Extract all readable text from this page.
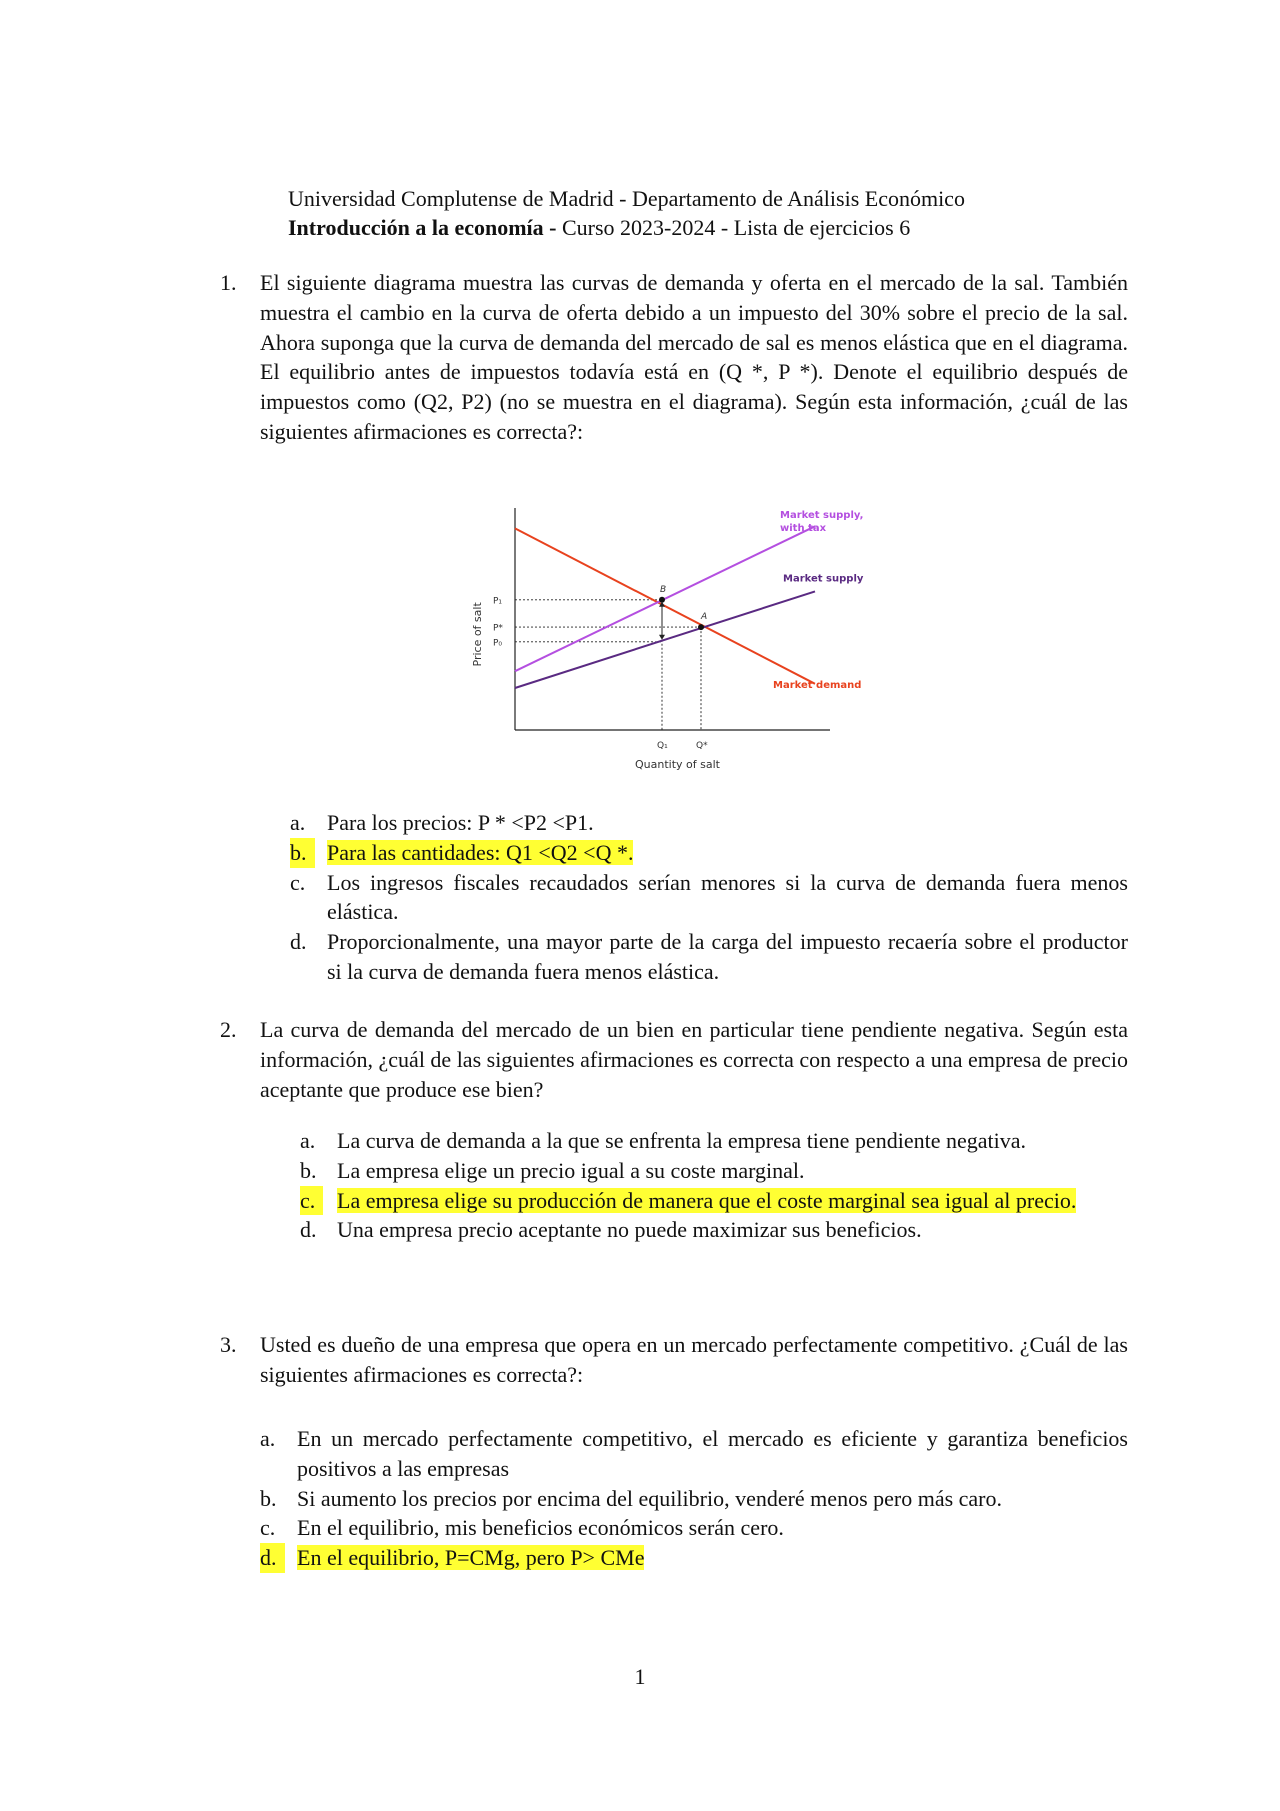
Universidad Complutense de Madrid - Departamento de Análisis Económico
Introducción a la economía - Curso 2023-2024 - Lista de ejercicios 6
1. El siguiente diagrama muestra las curvas de demanda y oferta en el mercado de la sal. También muestra el cambio en la curva de oferta debido a un impuesto del 30% sobre el precio de la sal. Ahora suponga que la curva de demanda del mercado de sal es menos elástica que en el diagrama. El equilibrio antes de impuestos todavía está en (Q *, P *). Denote el equilibrio después de impuestos como (Q2, P2) (no se muestra en el diagrama). Según esta información, ¿cuál de las siguientes afirmaciones es correcta?:
P₁
P*
P₀
Q₁	Q*
B
A
Market supply,
with tax
Market supply
Market demand
Quantity of salt
Price of salt
a. Para los precios: P * <P2 <P1.
b. Para las cantidades: Q1 <Q2 <Q *.
c. Los ingresos fiscales recaudados serían menores si la curva de demanda fuera menos elástica.
d. Proporcionalmente, una mayor parte de la carga del impuesto recaería sobre el productor si la curva de demanda fuera menos elástica.
2. La curva de demanda del mercado de un bien en particular tiene pendiente negativa. Según esta información, ¿cuál de las siguientes afirmaciones es correcta con respecto a una empresa de precio aceptante que produce ese bien?
a. La curva de demanda a la que se enfrenta la empresa tiene pendiente negativa.
b. La empresa elige un precio igual a su coste marginal.
c. La empresa elige su producción de manera que el coste marginal sea igual al precio.
d. Una empresa precio aceptante no puede maximizar sus beneficios.
3. Usted es dueño de una empresa que opera en un mercado perfectamente competitivo. ¿Cuál de las siguientes afirmaciones es correcta?:
a. En un mercado perfectamente competitivo, el mercado es eficiente y garantiza beneficios positivos a las empresas
b. Si aumento los precios por encima del equilibrio, venderé menos pero más caro.
c. En el equilibrio, mis beneficios económicos serán cero.
d. En el equilibrio, P=CMg, pero P> CMe
1
